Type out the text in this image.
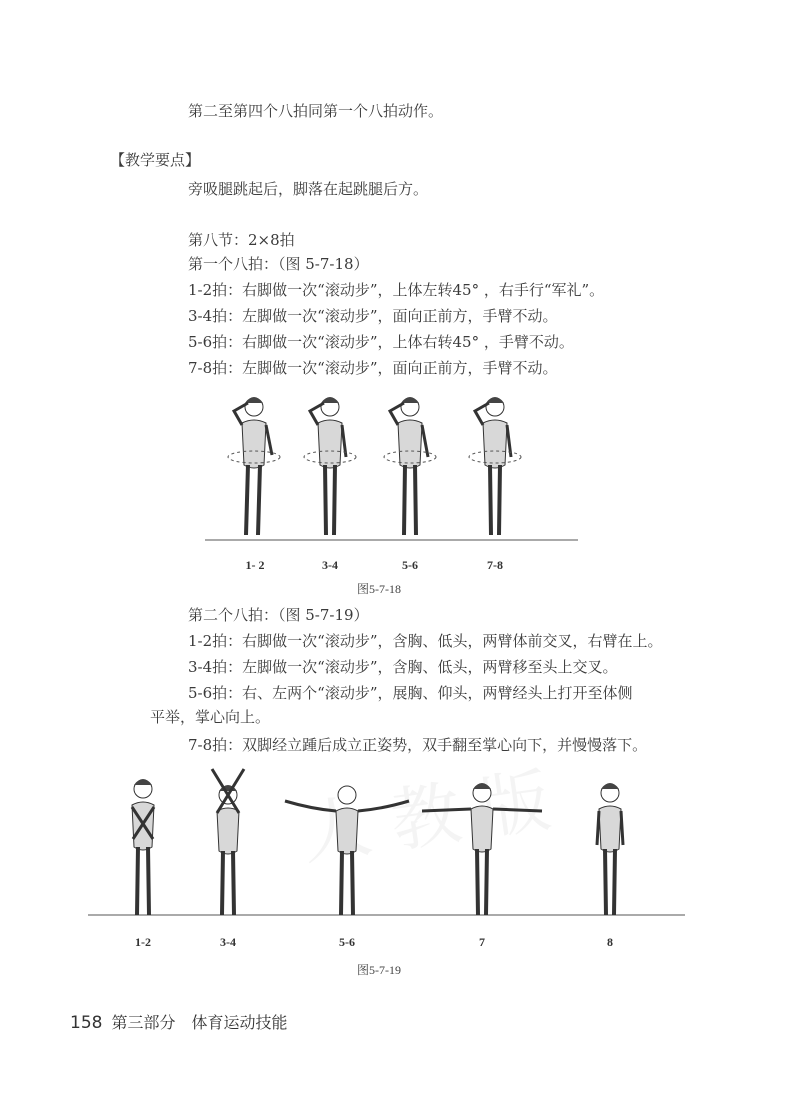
第二至第四个八拍同第一个八拍动作。
【教学要点】
旁吸腿跳起后，脚落在起跳腿后方。
第八节：2×8拍
第一个八拍：（图 5-7-18）
1-2拍：右脚做一次“滚动步”，上体左转45° ，右手行“军礼”。
3-4拍：左脚做一次“滚动步”，面向正前方，手臂不动。
5-6拍：右脚做一次“滚动步”，上体右转45° ，手臂不动。
7-8拍：左脚做一次“滚动步”，面向正前方，手臂不动。
1- 2	3-4	5-6	7-8
图5-7-18
第二个八拍：（图 5-7-19）
1-2拍：右脚做一次“滚动步”，含胸、低头，两臂体前交叉，右臂在上。
3-4拍：左脚做一次“滚动步”，含胸、低头，两臂移至头上交叉。
5-6拍：右、左两个“滚动步”，展胸、仰头，两臂经头上打开至体侧
平举，掌心向上。
7-8拍：双脚经立踵后成立正姿势，双手翻至掌心向下，并慢慢落下。
1-2	3-4	5-6	7	8
图5-7-19
158 第三部分　体育运动技能
